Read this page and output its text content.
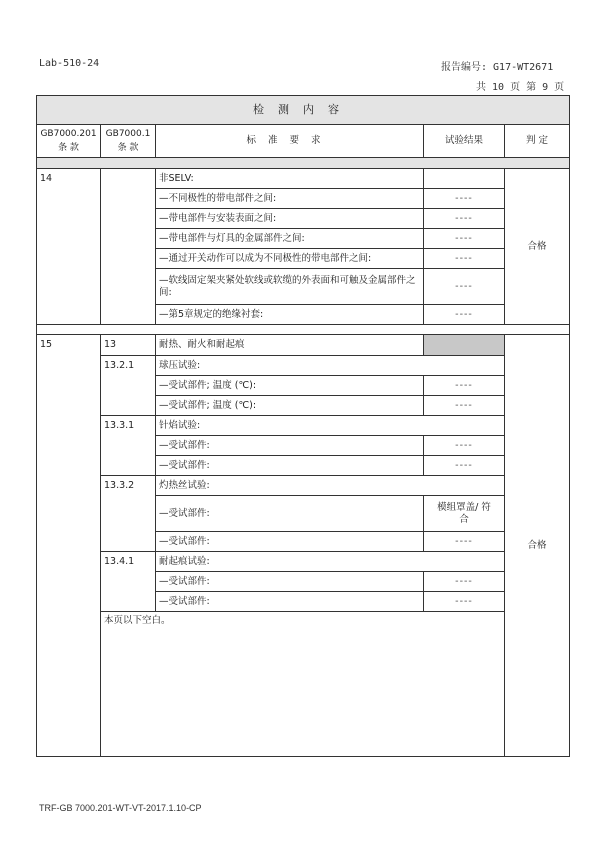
Lab-510-24	报告编号: G17-WT2671
共 10 页 第 9 页
检测内容				
GB7000.201 条 款	GB7000.1 条 款	标准要求	试验结果	判 定

14		非SELV:		合格
		—不同极性的带电部件之间:	----	
		—带电部件与安装表面之间:	----	
		—带电部件与灯具的金属部件之间:	----	
		—通过开关动作可以成为不同极性的带电部件之间:	----	
		—软线固定架夹紧处软线或软缆的外表面和可触及金属部件之间:	----	
		—第5章规定的绝缘衬套:	----	

15	13	耐热、耐火和耐起痕		合格
	13.2.1	球压试验:		
		—受试部件; 温度 (℃):	----	
		—受试部件; 温度 (℃):	----	
	13.3.1	针焰试验:		
		—受试部件:	----	
		—受试部件:	----	
	13.3.2	灼热丝试验:		
		—受试部件:	模组罩盖/ 符 合	
		—受试部件:	----	
	13.4.1	耐起痕试验:		
		—受试部件:	----	
		—受试部件:	----	
	本页以下空白。			
TRF-GB 7000.201-WT-VT-2017.1.10-CP
